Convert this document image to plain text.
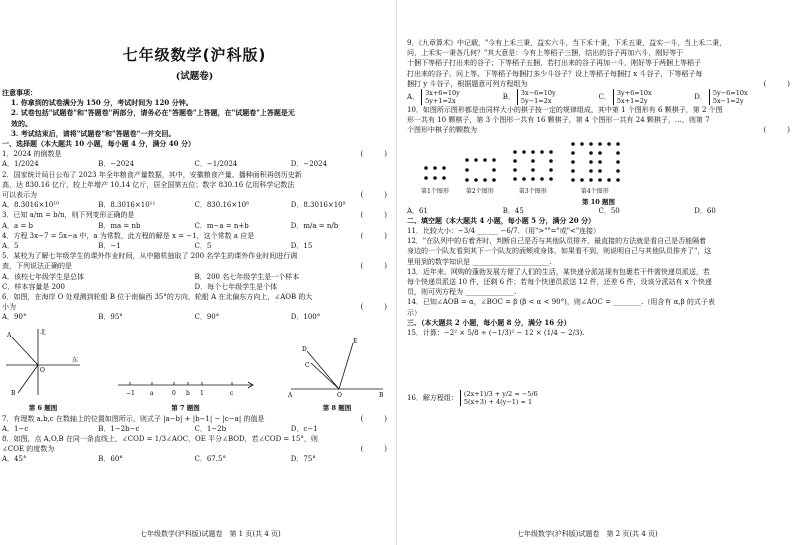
七年级数学(沪科版)
(试题卷)
注意事项：
1. 你拿到的试卷满分为 150 分，考试时间为 120 分钟。
2. 试卷包括"试题卷"和"答题卷"两部分，请务必在"答题卷"上答题，在"试题卷"上答题是无
效的。
3. 考试结束后，请将"试题卷"和"答题卷"一并交回。
一、选择题（本大题共 10 小题，每小题 4 分，满分 40 分）
1．2024 的倒数是	(　　　)
A．1/2024	B．−2024	C．−1/2024	D．−2024
2．国家统计局日公布了 2023 年全年粮食产量数据，其中，安徽粮食产量、播种面积再创历史新
高，达 830.16 亿斤，较上年增产 10.14 亿斤，居全国第五位；数字 830.16 亿用科学记数法
可以表示为	(　　　)
A．8.3016×10¹⁰	B．8.3016×10¹¹	C．830.16×10⁸	D．8.3016×10⁹
3．已知 a/m = b/n，则下列变形正确的是	(　　　)
A．a = b	B．ma = nb	C．m−a = n+b	D．m/a = n/b
4．方程 3x−7 = 5x−a 中，a 为常数，此方程的解是 x = −1，这个常数 a 应是	(　　　)
A．5	B．−1	C．5	D．15
5．某校为了解七年级学生的课外作业时间，从中随机抽取了 200 名学生的课外作业时间进行调
查，下列说法正确的是	(　　　)
A．该校七年级学生是总体	B．200 名七年级学生是一个样本
C．样本容量是 200	D．每个七年级学生是个体
6．如图，在海岸 O 处观测到轮船 B 位于南偏西 35°的方向，轮船 A 在北偏东方向上，∠AOB 的大
小为	(　　　)
A．90°	B．95°	C．90°	D．100°
北
东
O
A
B
第 6 题图
−1	a	0 b 1	c
第 7 题图
A	B
C
D
E
O
第 8 题图
7．有理数 a,b,c 在数轴上的位置如图所示，则式子 |a−b| + |b−1| − |c−a| 的值是	(　　　)
A．1−c	B．1−2b−c	C．1−2b	D．c−1
8．如图，点 A,O,B 在同一条直线上，∠COD = 1/3∠AOC，OE 平分∠BOD，若∠COD = 15°，则
∠COE 的度数为	(　　　)
A．45°	B．60°	C．67.5°	D．75°
七年级数学(沪科版)试题卷　第 1 页(共 4 页)
9．《九章算术》中记载，"今有上禾三秉，益实六斗，当下禾十秉，下禾五秉，益实一斗，当上禾二秉，
问，上禾实一秉各几何？"其大意是：今有上等稻子三捆，结出的谷子再加六斗，刚好等于
十捆下等稻子打出来的谷子；下等稻子五捆，若打出来的谷子再加一斗，刚好等于两捆上等稻子
打出来的谷子。问上等、下等稻子每捆打多少斗谷子？设上等稻子每捆打 x 斗谷子，下等稻子每
捆打 y 斗谷子，根据题意可列方程组为	(　　　)
A． 3x+6=10y
5y+1=2x	B． 3x−6=10y
5y−1=2x	C． 3y+6=10x
5x+1=2y	D． 5y−6=10x
5x−1=2y
10．如图所示图形都是由同样大小的棋子按一定的规律组成，其中第 1 个图形有 6 颗棋子，第 2 个图
形一共有 10 颗棋子，第 3 个图形一共有 16 颗棋子，第 4 个图形一共有 24 颗棋子，…，则第 7
个图形中棋子的颗数为	(　　　)
第1个图形	第2个图形	第3个图形	第4个图形
第 10 题图
A．61	B．45	C．50	D．60
二、填空题（本大题共 4 小题，每小题 5 分，满分 20 分）
11．比较大小：−3/4 ______ −6/7．（用">""="或"<"连接）
12．"在队列中的右着齐时，判断自己是否与其他队员排齐，最直接的方法就是看自己是否能隔着
身边的一个队友看到其下一个队友的面颊或身体，如果看不到，则说明自己与其他队员排齐了"，这
里用到的数学知识是 ______________________.
13．近年来，网购的蓬勃发展方便了人们的生活，某快递分派站现有包裹若干件需快递员派送，若
每个快递员派送 10 件，还剩 6 件；若每个快递员派送 12 件，还差 6 件，设该分派站有 x 个快递
员，则可列方程为 ______________.
14．已知∠AOB = α，∠BOC = β (β < α < 90°)，则∠AOC = ________.（用含有 α,β 的式子表
示）
三、（本大题共 2 小题，每小题 8 分，满分 16 分）
15．计算：−2² × 5/8 ÷ (−1/3)² − 12 × (1/4 − 2/3).
16．解方程组： (2x+1)/3 + y/2 = −5/6
5(x+3) + 4(y−1) = 1
七年级数学(沪科版)试题卷　第 2 页(共 4 页)
